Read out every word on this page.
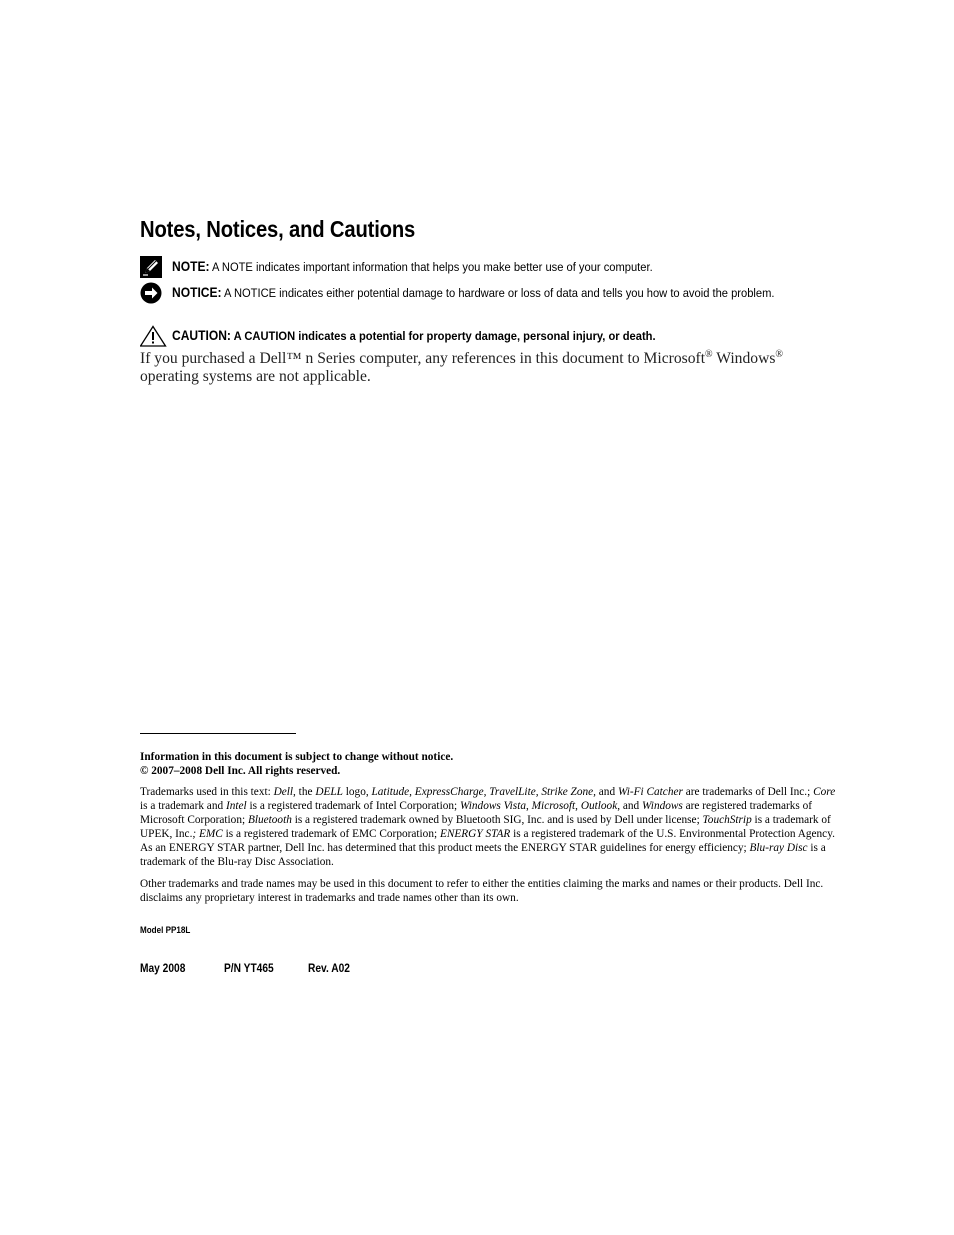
Notes, Notices, and Cautions
NOTE: A NOTE indicates important information that helps you make better use of your computer.
NOTICE: A NOTICE indicates either potential damage to hardware or loss of data and tells you how to avoid the problem.
CAUTION: A CAUTION indicates a potential for property damage, personal injury, or death.
If you purchased a Dell™ n Series computer, any references in this document to Microsoft® Windows® operating systems are not applicable.
Information in this document is subject to change without notice.
© 2007–2008 Dell Inc. All rights reserved.
Trademarks used in this text: Dell, the DELL logo, Latitude, ExpressCharge, TravelLite, Strike Zone, and Wi-Fi Catcher are trademarks of Dell Inc.; Core is a trademark and Intel is a registered trademark of Intel Corporation; Windows Vista, Microsoft, Outlook, and Windows are registered trademarks of Microsoft Corporation; Bluetooth is a registered trademark owned by Bluetooth SIG, Inc. and is used by Dell under license; TouchStrip is a trademark of UPEK, Inc.; EMC is a registered trademark of EMC Corporation; ENERGY STAR is a registered trademark of the U.S. Environmental Protection Agency. As an ENERGY STAR partner, Dell Inc. has determined that this product meets the ENERGY STAR guidelines for energy efficiency; Blu-ray Disc is a trademark of the Blu-ray Disc Association.
Other trademarks and trade names may be used in this document to refer to either the entities claiming the marks and names or their products. Dell Inc. disclaims any proprietary interest in trademarks and trade names other than its own.
Model PP18L
May 2008	P/N YT465	Rev. A02
